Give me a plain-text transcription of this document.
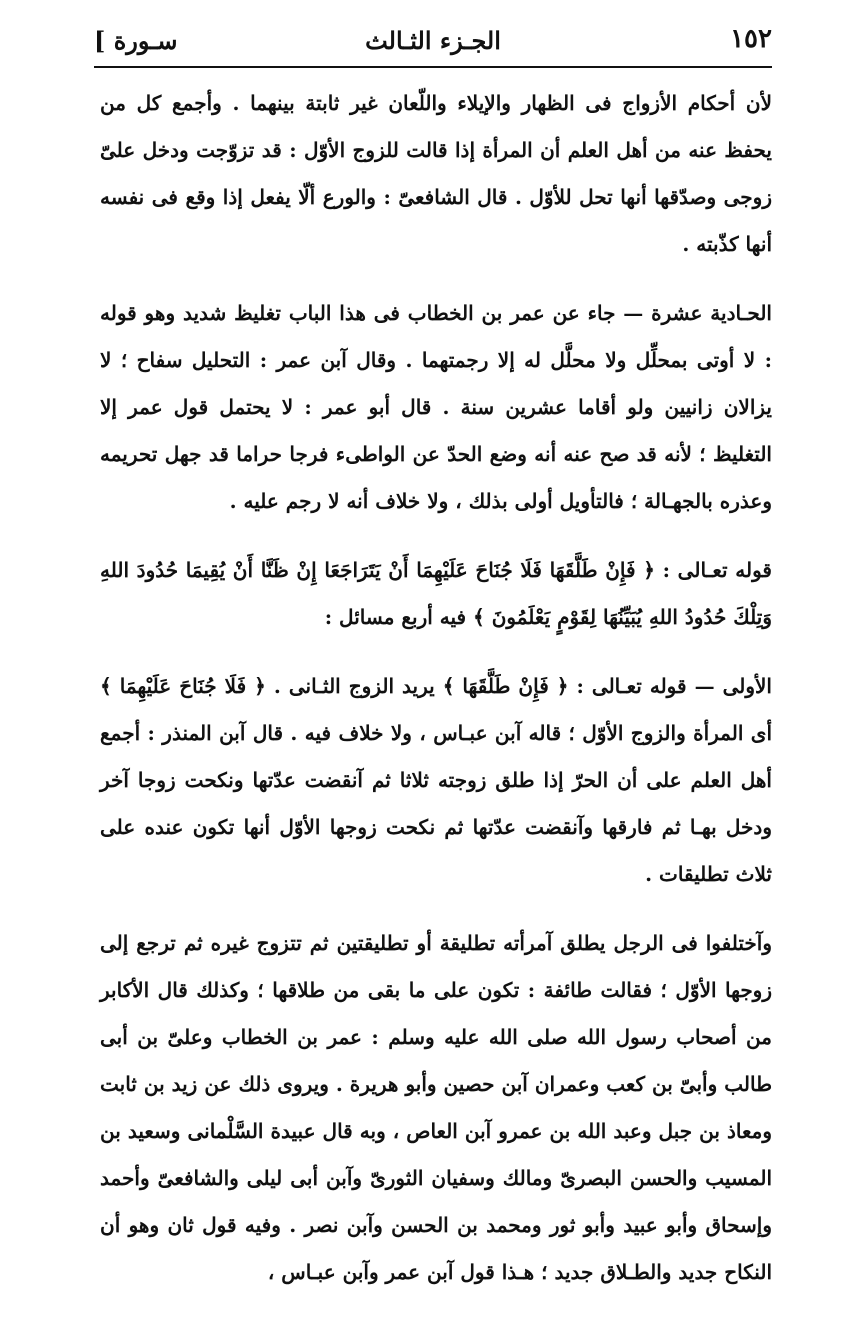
١٥٢
الجـزء الثـالث
[ سـورة

لأن أحكام الأزواج فى الظهار والإيلاء واللّعان غير ثابتة بينهما . وأجمع كل من يحفظ عنه من أهل العلم أن المرأة إذا قالت للزوج الأوّل : قد تزوّجت ودخل علىّ زوجى وصدّقها أنها تحل للأوّل . قال الشافعىّ : والورع ألّا يفعل إذا وقع فى نفسه أنها كذّبته .

الحـادية عشرة — جاء عن عمر بن الخطاب فى هذا الباب تغليظ شديد وهو قوله : لا أوتى بمحلِّل ولا محلَّل له إلا رجمتهما . وقال آبن عمر : التحليل سفاح ؛ لا يزالان زانيين ولو أقاما عشرين سنة . قال أبو عمر : لا يحتمل قول عمر إلا التغليظ ؛ لأنه قد صح عنه أنه وضع الحدّ عن الواطىء فرجا حراما قد جهل تحريمه وعذره بالجهـالة ؛ فالتأويل أولى بذلك ، ولا خلاف أنه لا رجم عليه .

قوله تعـالى : ﴿ فَإِنْ طَلَّقَهَا فَلَا جُنَاحَ عَلَيْهِمَا أَنْ يَتَرَاجَعَا إِنْ ظَنَّا أَنْ يُقِيمَا حُدُودَ اللهِ وَتِلْكَ حُدُودُ اللهِ يُبَيِّنُهَا لِقَوْمٍ يَعْلَمُونَ ﴾ فيه أربع مسائل :

الأولى — قوله تعـالى : ﴿ فَإِنْ طَلَّقَهَا ﴾ يريد الزوج الثـانى . ﴿ فَلَا جُنَاحَ عَلَيْهِمَا ﴾ أى المرأة والزوج الأوّل ؛ قاله آبن عبـاس ، ولا خلاف فيه . قال آبن المنذر : أجمع أهل العلم على أن الحرّ إذا طلق زوجته ثلاثا ثم آنقضت عدّتها ونكحت زوجا آخر ودخل بهـا ثم فارقها وآنقضت عدّتها ثم نكحت زوجها الأوّل أنها تكون عنده على ثلاث تطليقات .

وآختلفوا فى الرجل يطلق آمرأته تطليقة أو تطليقتين ثم تتزوج غيره ثم ترجع إلى زوجها الأوّل ؛ فقالت طائفة : تكون على ما بقى من طلاقها ؛ وكذلك قال الأكابر من أصحاب رسول الله صلى الله عليه وسلم : عمر بن الخطاب وعلىّ بن أبى طالب وأبىّ بن كعب وعمران آبن حصين وأبو هريرة . ويروى ذلك عن زيد بن ثابت ومعاذ بن جبل وعبد الله بن عمرو آبن العاص ، وبه قال عبيدة السَّلْمانى وسعيد بن المسيب والحسن البصرىّ ومالك وسفيان الثورىّ وآبن أبى ليلى والشافعىّ وأحمد وإسحاق وأبو عبيد وأبو ثور ومحمد بن الحسن وآبن نصر . وفيه قول ثان وهو أن النكاح جديد والطـلاق جديد ؛ هـذا قول آبن عمر وآبن عبـاس ،
